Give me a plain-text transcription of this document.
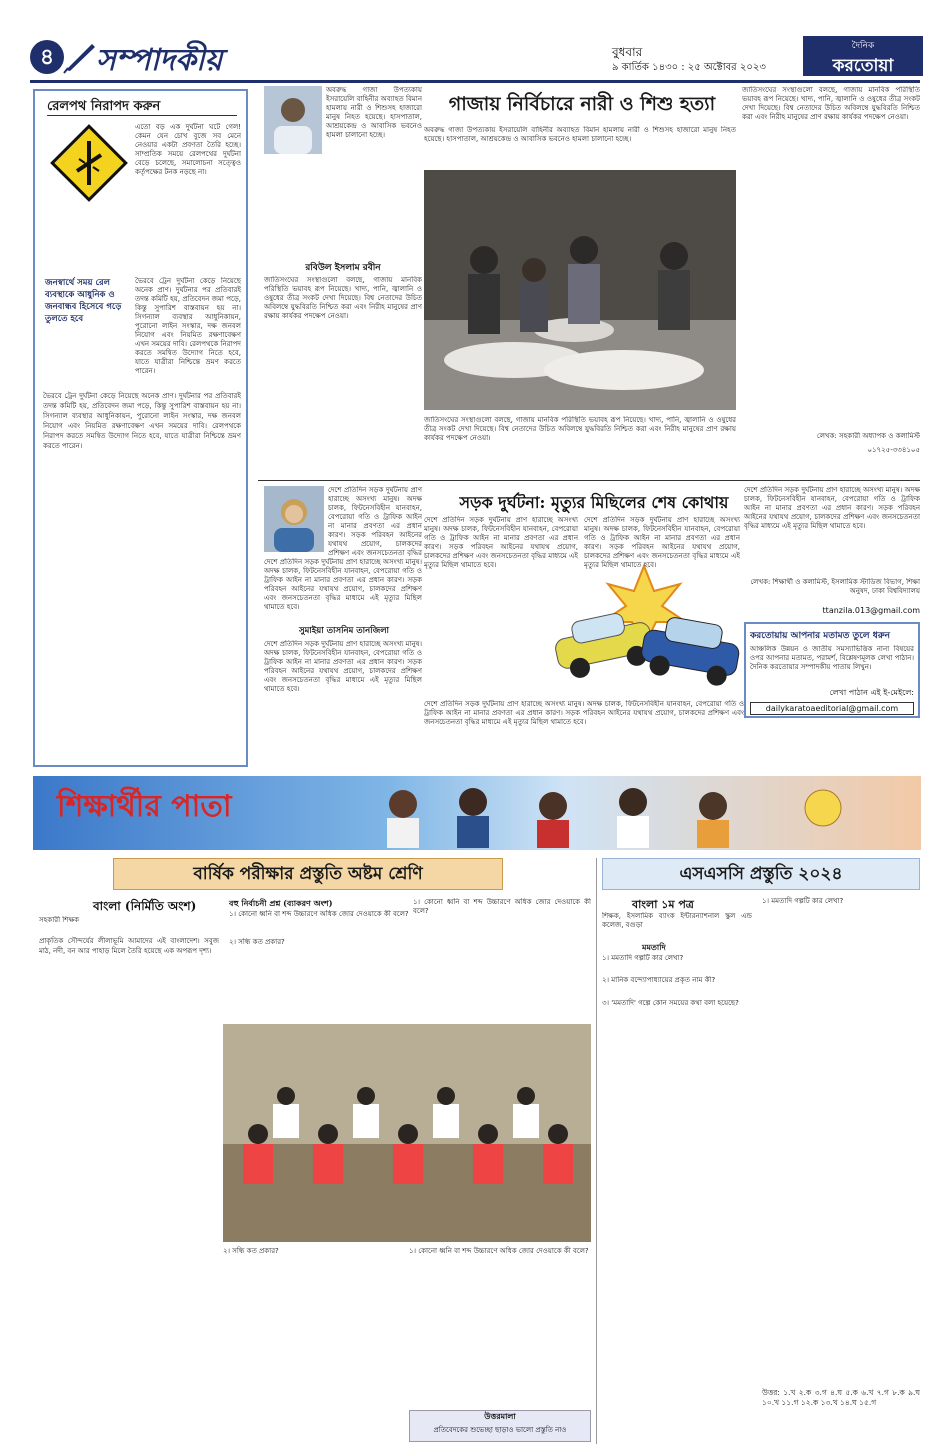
৪	সম্পাদকীয়	বুধবার
৯ কার্তিক ১৪৩০ : ২৫ অক্টোবর ২০২৩
দৈনিক
করতোয়া
রেলপথ নিরাপদ করুন
এতো বড় এক দুর্ঘটনা ঘটে গেল! কেমন যেন চোখ বুজে সব মেনে নেওয়ার একটা প্রবণতা তৈরি হচ্ছে। সাম্প্রতিক সময়ে রেলপথের দুর্ঘটনা বেড়ে চলেছে, সমালোচনা সত্ত্বেও কর্তৃপক্ষের টনক নড়ছে না।
জনস্বার্থে সময় রেল ব্যবস্থাকে আধুনিক ও জনবান্ধব হিসেবে গড়ে তুলতে হবে
ভৈরবে ট্রেন দুর্ঘটনা কেড়ে নিয়েছে অনেক প্রাণ। দুর্ঘটনার পর প্রতিবারই তদন্ত কমিটি হয়, প্রতিবেদন জমা পড়ে, কিন্তু সুপারিশ বাস্তবায়ন হয় না। সিগন্যাল ব্যবস্থার আধুনিকায়ন, পুরোনো লাইন সংস্কার, দক্ষ জনবল নিয়োগ এবং নিয়মিত রক্ষণাবেক্ষণ এখন সময়ের দাবি। রেলপথকে নিরাপদ করতে সমন্বিত উদ্যোগ নিতে হবে, যাতে যাত্রীরা নিশ্চিন্তে ভ্রমণ করতে পারেন।
ভৈরবে ট্রেন দুর্ঘটনা কেড়ে নিয়েছে অনেক প্রাণ। দুর্ঘটনার পর প্রতিবারই তদন্ত কমিটি হয়, প্রতিবেদন জমা পড়ে, কিন্তু সুপারিশ বাস্তবায়ন হয় না। সিগন্যাল ব্যবস্থার আধুনিকায়ন, পুরোনো লাইন সংস্কার, দক্ষ জনবল নিয়োগ এবং নিয়মিত রক্ষণাবেক্ষণ এখন সময়ের দাবি। রেলপথকে নিরাপদ করতে সমন্বিত উদ্যোগ নিতে হবে, যাতে যাত্রীরা নিশ্চিন্তে ভ্রমণ করতে পারেন।
অবরুদ্ধ গাজা উপত্যকায় ইসরায়েলি বাহিনীর অব্যাহত বিমান হামলায় নারী ও শিশুসহ হাজারো মানুষ নিহত হয়েছে। হাসপাতাল, আশ্রয়কেন্দ্র ও আবাসিক ভবনেও হামলা চালানো হচ্ছে।
রবিউল ইসলাম রবীন
জাতিসংঘের সংস্থাগুলো বলছে, গাজায় মানবিক পরিস্থিতি ভয়াবহ রূপ নিয়েছে। খাদ্য, পানি, জ্বালানি ও ওষুধের তীব্র সংকট দেখা দিয়েছে। বিশ্ব নেতাদের উচিত অবিলম্বে যুদ্ধবিরতি নিশ্চিত করা এবং নিরীহ মানুষের প্রাণ রক্ষায় কার্যকর পদক্ষেপ নেওয়া।
গাজায় নির্বিচারে নারী ও শিশু হত্যা
অবরুদ্ধ গাজা উপত্যকায় ইসরায়েলি বাহিনীর অব্যাহত বিমান হামলায় নারী ও শিশুসহ হাজারো মানুষ নিহত হয়েছে। হাসপাতাল, আশ্রয়কেন্দ্র ও আবাসিক ভবনেও হামলা চালানো হচ্ছে।
জাতিসংঘের সংস্থাগুলো বলছে, গাজায় মানবিক পরিস্থিতি ভয়াবহ রূপ নিয়েছে। খাদ্য, পানি, জ্বালানি ও ওষুধের তীব্র সংকট দেখা দিয়েছে। বিশ্ব নেতাদের উচিত অবিলম্বে যুদ্ধবিরতি নিশ্চিত করা এবং নিরীহ মানুষের প্রাণ রক্ষায় কার্যকর পদক্ষেপ নেওয়া।
জাতিসংঘের সংস্থাগুলো বলছে, গাজায় মানবিক পরিস্থিতি ভয়াবহ রূপ নিয়েছে। খাদ্য, পানি, জ্বালানি ও ওষুধের তীব্র সংকট দেখা দিয়েছে। বিশ্ব নেতাদের উচিত অবিলম্বে যুদ্ধবিরতি নিশ্চিত করা এবং নিরীহ মানুষের প্রাণ রক্ষায় কার্যকর পদক্ষেপ নেওয়া।
লেখক: সহকারী অধ্যাপক ও কলামিস্ট
০১৭২৫-৩৩৪১০৫
দেশে প্রতিদিন সড়ক দুর্ঘটনায় প্রাণ হারাচ্ছে অসংখ্য মানুষ। অদক্ষ চালক, ফিটনেসবিহীন যানবাহন, বেপরোয়া গতি ও ট্রাফিক আইন না মানার প্রবণতা এর প্রধান কারণ। সড়ক পরিবহন আইনের যথাযথ প্রয়োগ, চালকদের প্রশিক্ষণ এবং জনসচেতনতা বৃদ্ধির
দেশে প্রতিদিন সড়ক দুর্ঘটনায় প্রাণ হারাচ্ছে অসংখ্য মানুষ। অদক্ষ চালক, ফিটনেসবিহীন যানবাহন, বেপরোয়া গতি ও ট্রাফিক আইন না মানার প্রবণতা এর প্রধান কারণ। সড়ক পরিবহন আইনের যথাযথ প্রয়োগ, চালকদের প্রশিক্ষণ এবং জনসচেতনতা বৃদ্ধির মাধ্যমে এই মৃত্যুর মিছিল থামাতে হবে।
সুমাইয়া তাসনিম তানজিলা
দেশে প্রতিদিন সড়ক দুর্ঘটনায় প্রাণ হারাচ্ছে অসংখ্য মানুষ। অদক্ষ চালক, ফিটনেসবিহীন যানবাহন, বেপরোয়া গতি ও ট্রাফিক আইন না মানার প্রবণতা এর প্রধান কারণ। সড়ক পরিবহন আইনের যথাযথ প্রয়োগ, চালকদের প্রশিক্ষণ এবং জনসচেতনতা বৃদ্ধির মাধ্যমে এই মৃত্যুর মিছিল থামাতে হবে।
সড়ক দুর্ঘটনা: মৃত্যুর মিছিলের শেষ কোথায়
দেশে প্রতিদিন সড়ক দুর্ঘটনায় প্রাণ হারাচ্ছে অসংখ্য মানুষ। অদক্ষ চালক, ফিটনেসবিহীন যানবাহন, বেপরোয়া গতি ও ট্রাফিক আইন না মানার প্রবণতা এর প্রধান কারণ। সড়ক পরিবহন আইনের যথাযথ প্রয়োগ, চালকদের প্রশিক্ষণ এবং জনসচেতনতা বৃদ্ধির মাধ্যমে এই মৃত্যুর মিছিল থামাতে হবে।
দেশে প্রতিদিন সড়ক দুর্ঘটনায় প্রাণ হারাচ্ছে অসংখ্য মানুষ। অদক্ষ চালক, ফিটনেসবিহীন যানবাহন, বেপরোয়া গতি ও ট্রাফিক আইন না মানার প্রবণতা এর প্রধান কারণ। সড়ক পরিবহন আইনের যথাযথ প্রয়োগ, চালকদের প্রশিক্ষণ এবং জনসচেতনতা বৃদ্ধির মাধ্যমে এই মৃত্যুর মিছিল থামাতে হবে।
দেশে প্রতিদিন সড়ক দুর্ঘটনায় প্রাণ হারাচ্ছে অসংখ্য মানুষ। অদক্ষ চালক, ফিটনেসবিহীন যানবাহন, বেপরোয়া গতি ও ট্রাফিক আইন না মানার প্রবণতা এর প্রধান কারণ। সড়ক পরিবহন আইনের যথাযথ প্রয়োগ, চালকদের প্রশিক্ষণ এবং জনসচেতনতা বৃদ্ধির মাধ্যমে এই মৃত্যুর মিছিল থামাতে হবে।
দেশে প্রতিদিন সড়ক দুর্ঘটনায় প্রাণ হারাচ্ছে অসংখ্য মানুষ। অদক্ষ চালক, ফিটনেসবিহীন যানবাহন, বেপরোয়া গতি ও ট্রাফিক আইন না মানার প্রবণতা এর প্রধান কারণ। সড়ক পরিবহন আইনের যথাযথ প্রয়োগ, চালকদের প্রশিক্ষণ এবং জনসচেতনতা বৃদ্ধির মাধ্যমে এই মৃত্যুর মিছিল থামাতে হবে।
লেখক: শিক্ষার্থী ও কলামিস্ট, ইসলামিক স্টাডিজ বিভাগ, শিক্ষা অনুষদ, ঢাকা বিশ্ববিদ্যালয়
ttanzila.013@gmail.com
করতোয়ায় আপনার মতামত তুলে ধরুন
আঞ্চলিক উন্নয়ন ও জাতীয় সমস্যাভিত্তিক নানা বিষয়ের ওপর আপনার মতামত, পরামর্শ, বিশ্লেষণমূলক লেখা পাঠান। দৈনিক করতোয়ার সম্পাদকীয় পাতায় লিখুন।
লেখা পাঠান এই ই-মেইলে:
dailykaratoaeditorial@gmail.com
শিক্ষার্থীর পাতা
বার্ষিক পরীক্ষার প্রস্তুতি অষ্টম শ্রেণি
বাংলা (নির্মিতি অংশ)
সহকারী শিক্ষক
প্রাকৃতিক সৌন্দর্যের লীলাভূমি আমাদের এই বাংলাদেশ। সবুজ মাঠ, নদী, বন আর পাহাড় মিলে তৈরি হয়েছে এক অপরূপ দৃশ্য।
বহু নির্বাচনী প্রশ্ন (ব্যাকরণ অংশ)
১। কোনো ধ্বনি বা শব্দ উচ্চারণে অধিক জোর দেওয়াকে কী বলে?
২। সন্ধি কত প্রকার?
১। কোনো ধ্বনি বা শব্দ উচ্চারণে অধিক জোর দেওয়াকে কী বলে?
২। সন্ধি কত প্রকার?	১। কোনো ধ্বনি বা শব্দ উচ্চারণে অধিক জোর দেওয়াকে কী বলে?
উত্তরমালা
প্রতিবেদকের শুভেচ্ছা ছাড়াও ভালো প্রস্তুতি নাও
এসএসসি প্রস্তুতি ২০২৪
বাংলা ১ম পত্র
শিক্ষক, ইসলামিক ব্যাংক ইন্টারন্যাশনাল স্কুল এন্ড কলেজ, বগুড়া
মমতাদি
১। মমতাদি গল্পটি কার লেখা?
২। মানিক বন্দ্যোপাধ্যায়ের প্রকৃত নাম কী?
৩। 'মমতাদি' গল্পে কোন সময়ের কথা বলা হয়েছে?
১। মমতাদি গল্পটি কার লেখা?
উত্তর: ১.খ ২.ক ৩.গ ৪.ঘ ৫.ক ৬.খ ৭.গ ৮.ক ৯.ঘ ১০.খ ১১.গ ১২.ক ১৩.খ ১৪.ঘ ১৫.গ
